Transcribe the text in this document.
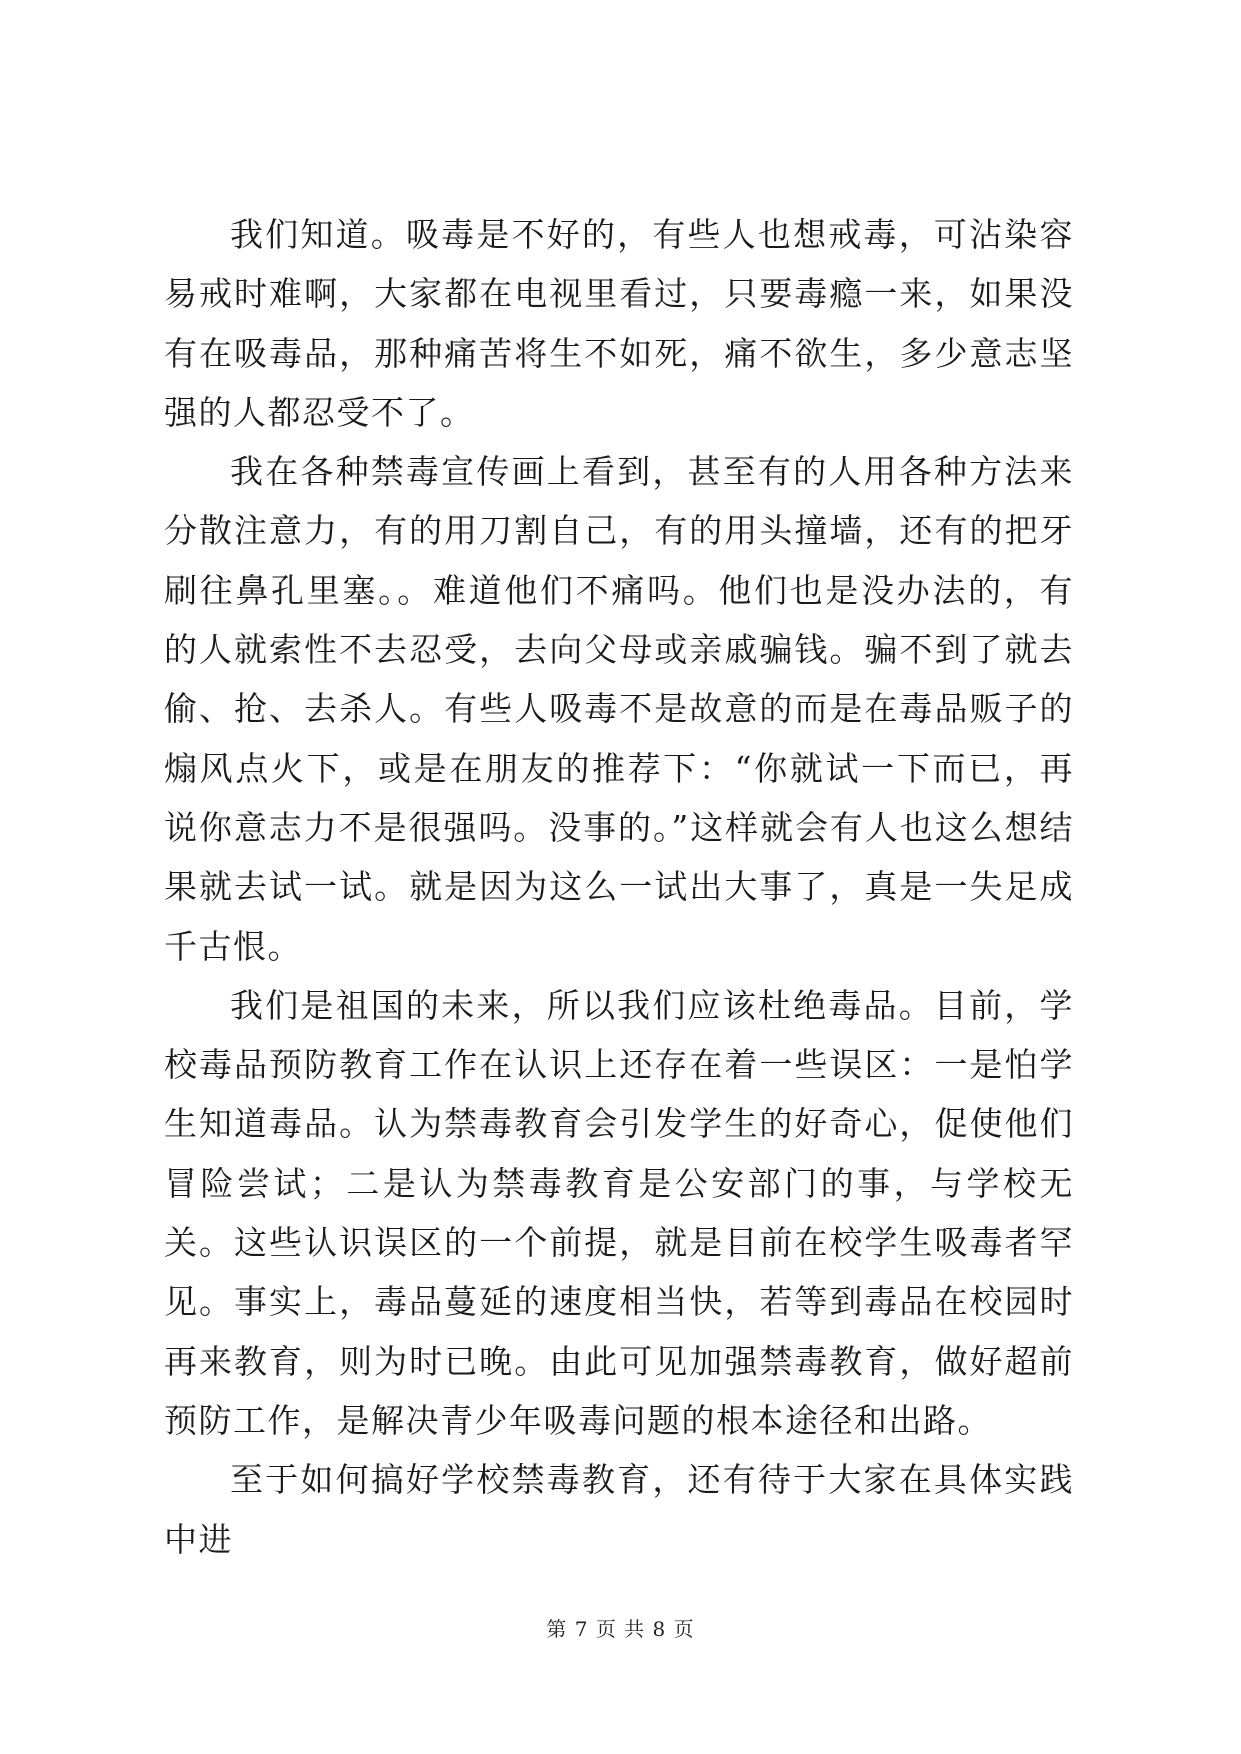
我们知道。吸毒是不好的，有些人也想戒毒，可沾染容易戒时难啊，大家都在电视里看过，只要毒瘾一来，如果没有在吸毒品，那种痛苦将生不如死，痛不欲生，多少意志坚强的人都忍受不了。

我在各种禁毒宣传画上看到，甚至有的人用各种方法来分散注意力，有的用刀割自己，有的用头撞墙，还有的把牙刷往鼻孔里塞。。难道他们不痛吗。他们也是没办法的，有的人就索性不去忍受，去向父母或亲戚骗钱。骗不到了就去偷、抢、去杀人。有些人吸毒不是故意的而是在毒品贩子的煽风点火下，或是在朋友的推荐下：“你就试一下而已，再说你意志力不是很强吗。没事的。”这样就会有人也这么想结果就去试一试。就是因为这么一试出大事了，真是一失足成千古恨。

我们是祖国的未来，所以我们应该杜绝毒品。目前，学校毒品预防教育工作在认识上还存在着一些误区：一是怕学生知道毒品。认为禁毒教育会引发学生的好奇心，促使他们冒险尝试；二是认为禁毒教育是公安部门的事，与学校无关。这些认识误区的一个前提，就是目前在校学生吸毒者罕见。事实上，毒品蔓延的速度相当快，若等到毒品在校园时再来教育，则为时已晚。由此可见加强禁毒教育，做好超前预防工作，是解决青少年吸毒问题的根本途径和出路。

至于如何搞好学校禁毒教育，还有待于大家在具体实践中进

第 7 页 共 8 页
